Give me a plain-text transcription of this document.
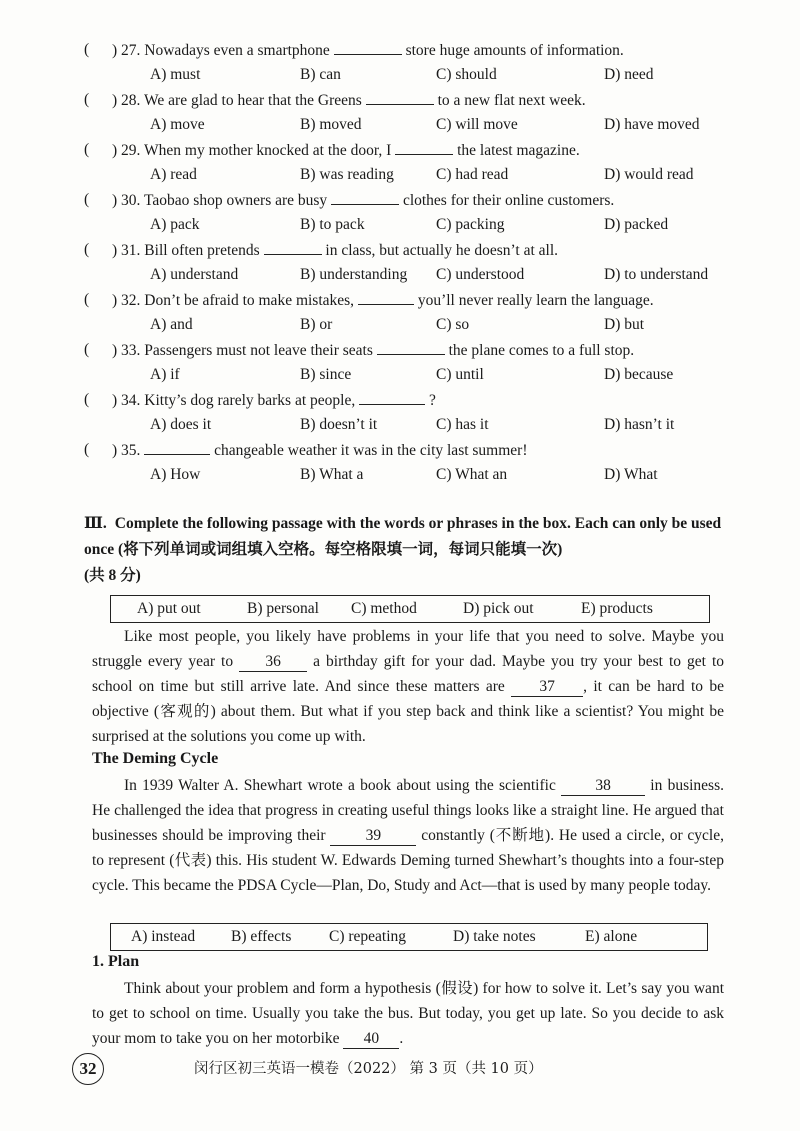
( ) 27. Nowadays even a smartphone	store huge amounts of information.
A) must	B) can	C) should	D) need
( ) 28. We are glad to hear that the Greens	to a new flat next week.
A) move	B) moved	C) will move	D) have moved
( ) 29. When my mother knocked at the door, I	the latest magazine.
A) read	B) was reading	C) had read	D) would read
( ) 30. Taobao shop owners are busy	clothes for their online customers.
A) pack	B) to pack	C) packing	D) packed
( ) 31. Bill often pretends	in class, but actually he doesn’t at all.
A) understand	B) understanding C) understood	D) to understand
( ) 32. Don’t be afraid to make mistakes,	you’ll never really learn the language.
A) and	B) or	C) so	D) but
( ) 33. Passengers must not leave their seats	the plane comes to a full stop.
A) if	B) since	C) until	D) because
( ) 34. Kitty’s dog rarely barks at people,	?
A) does it	B) doesn’t it	C) has it	D) hasn’t it
( ) 35.	changeable weather it was in the city last summer!
A) How	B) What a	C) What an	D) What
Ⅲ. Complete the following passage with the words or phrases in the box. Each can only be used once (将下列单词或词组填入空格。每空格限填一词，每词只能填一次)
(共 8 分)
A) put out	B) personal C) method	D) pick out	E) products

Like most people, you likely have problems in your life that you need to solve. Maybe you struggle every year to 36 a birthday gift for your dad. Maybe you try your best to get to school on time but still arrive late. And since these matters are 37 , it can be hard to be objective (客观的) about them. But what if you step back and think like a scientist? You might be surprised at the solutions you come up with.

The Deming Cycle

In 1939 Walter A. Shewhart wrote a book about using the scientific	38	in business. He challenged the idea that progress in creating useful things looks like a straight line. He argued that businesses should be improving their	39	constantly (不断地). He used a circle, or cycle, to represent (代表) this. His student W. Edwards Deming turned Shewhart’s thoughts into a four-step cycle. This became the PDSA Cycle—Plan, Do, Study and Act—that is used by many people today.

A) instead B) effects C) repeating	D) take notes	E) alone
1. Plan

Think about your problem and form a hypothesis (假设) for how to solve it. Let’s say you want to get to school on time. Usually you take the bus. But today, you get up late. So you decide to ask your mom to take you on her motorbike 40 .

32	闵行区初三英语一模卷（2022） 第 3 页（共 10 页）
